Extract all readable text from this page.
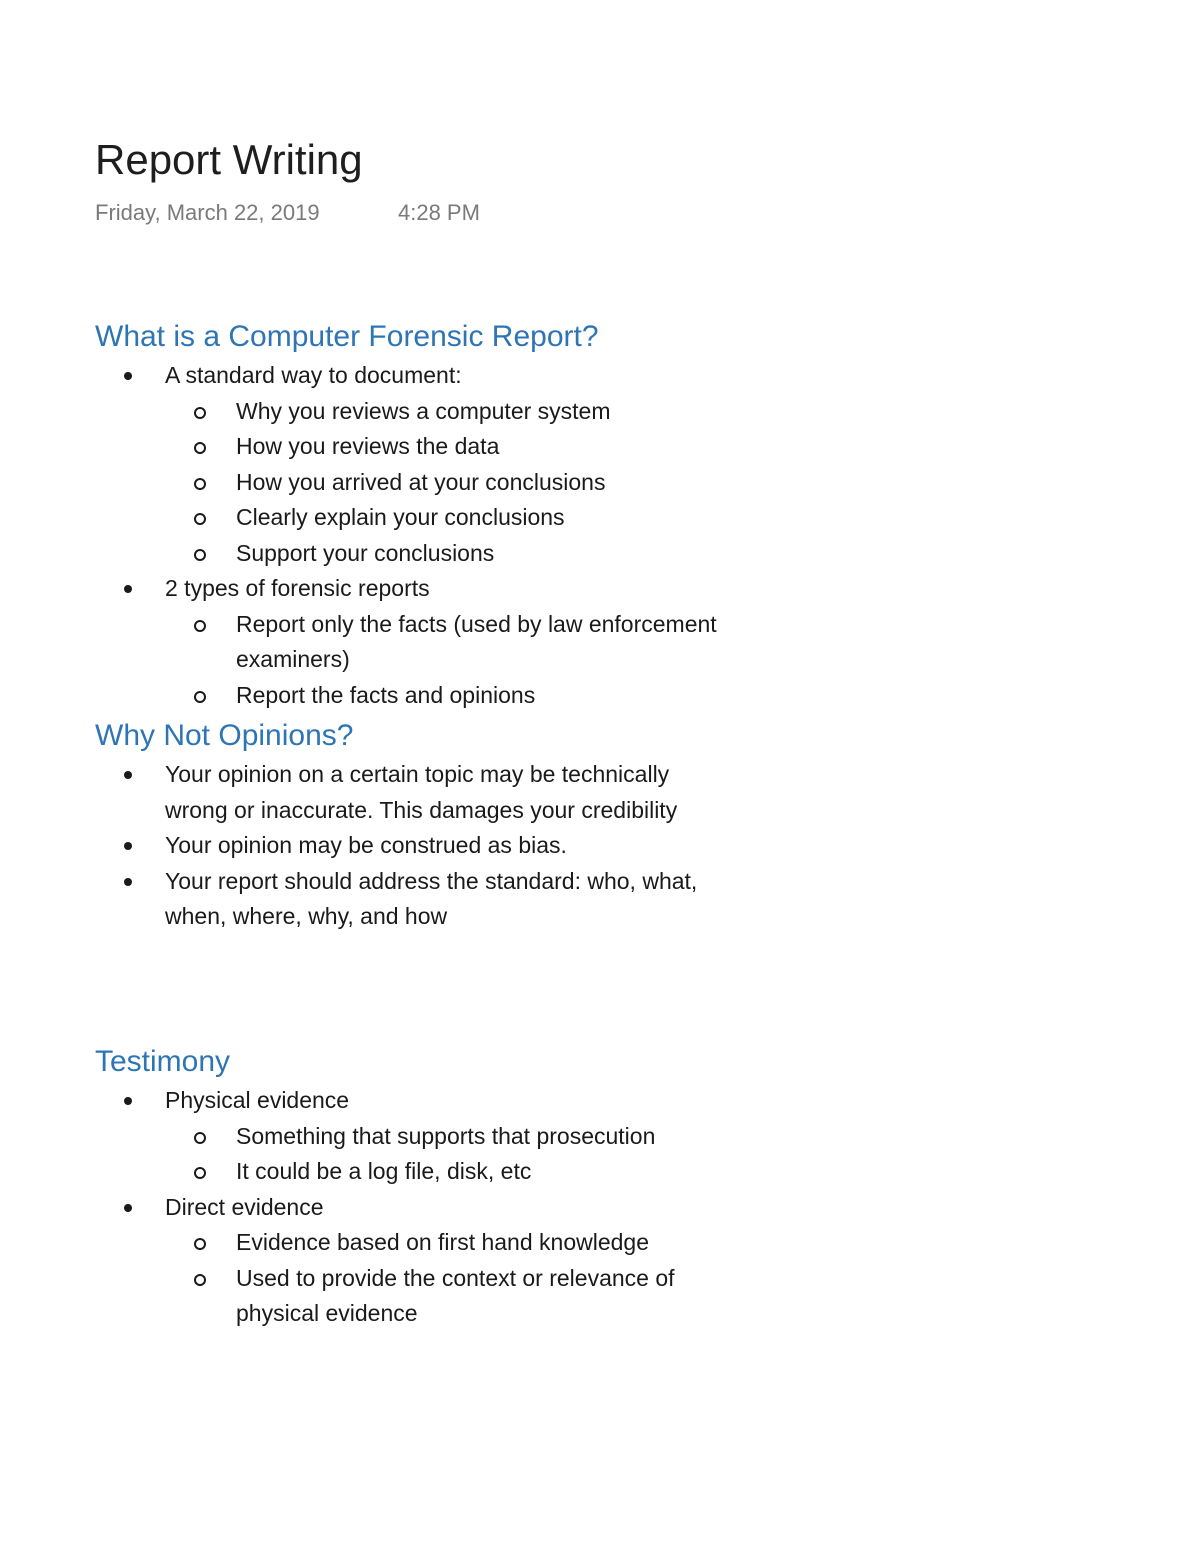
Report Writing
Friday, March 22, 2019	4:28 PM
What is a Computer Forensic Report?
A standard way to document:
Why you reviews a computer system
How you reviews the data
How you arrived at your conclusions
Clearly explain your conclusions
Support your conclusions
2 types of forensic reports
Report only the facts (used by law enforcement examiners)
Report the facts and opinions
Why Not Opinions?
Your opinion on a certain topic may be technically wrong or inaccurate. This damages your credibility
Your opinion may be construed as bias.
Your report should address the standard: who, what, when, where, why, and how
Testimony
Physical evidence
Something that supports that prosecution
It could be a log file, disk, etc
Direct evidence
Evidence based on first hand knowledge
Used to provide the context or relevance of physical evidence
